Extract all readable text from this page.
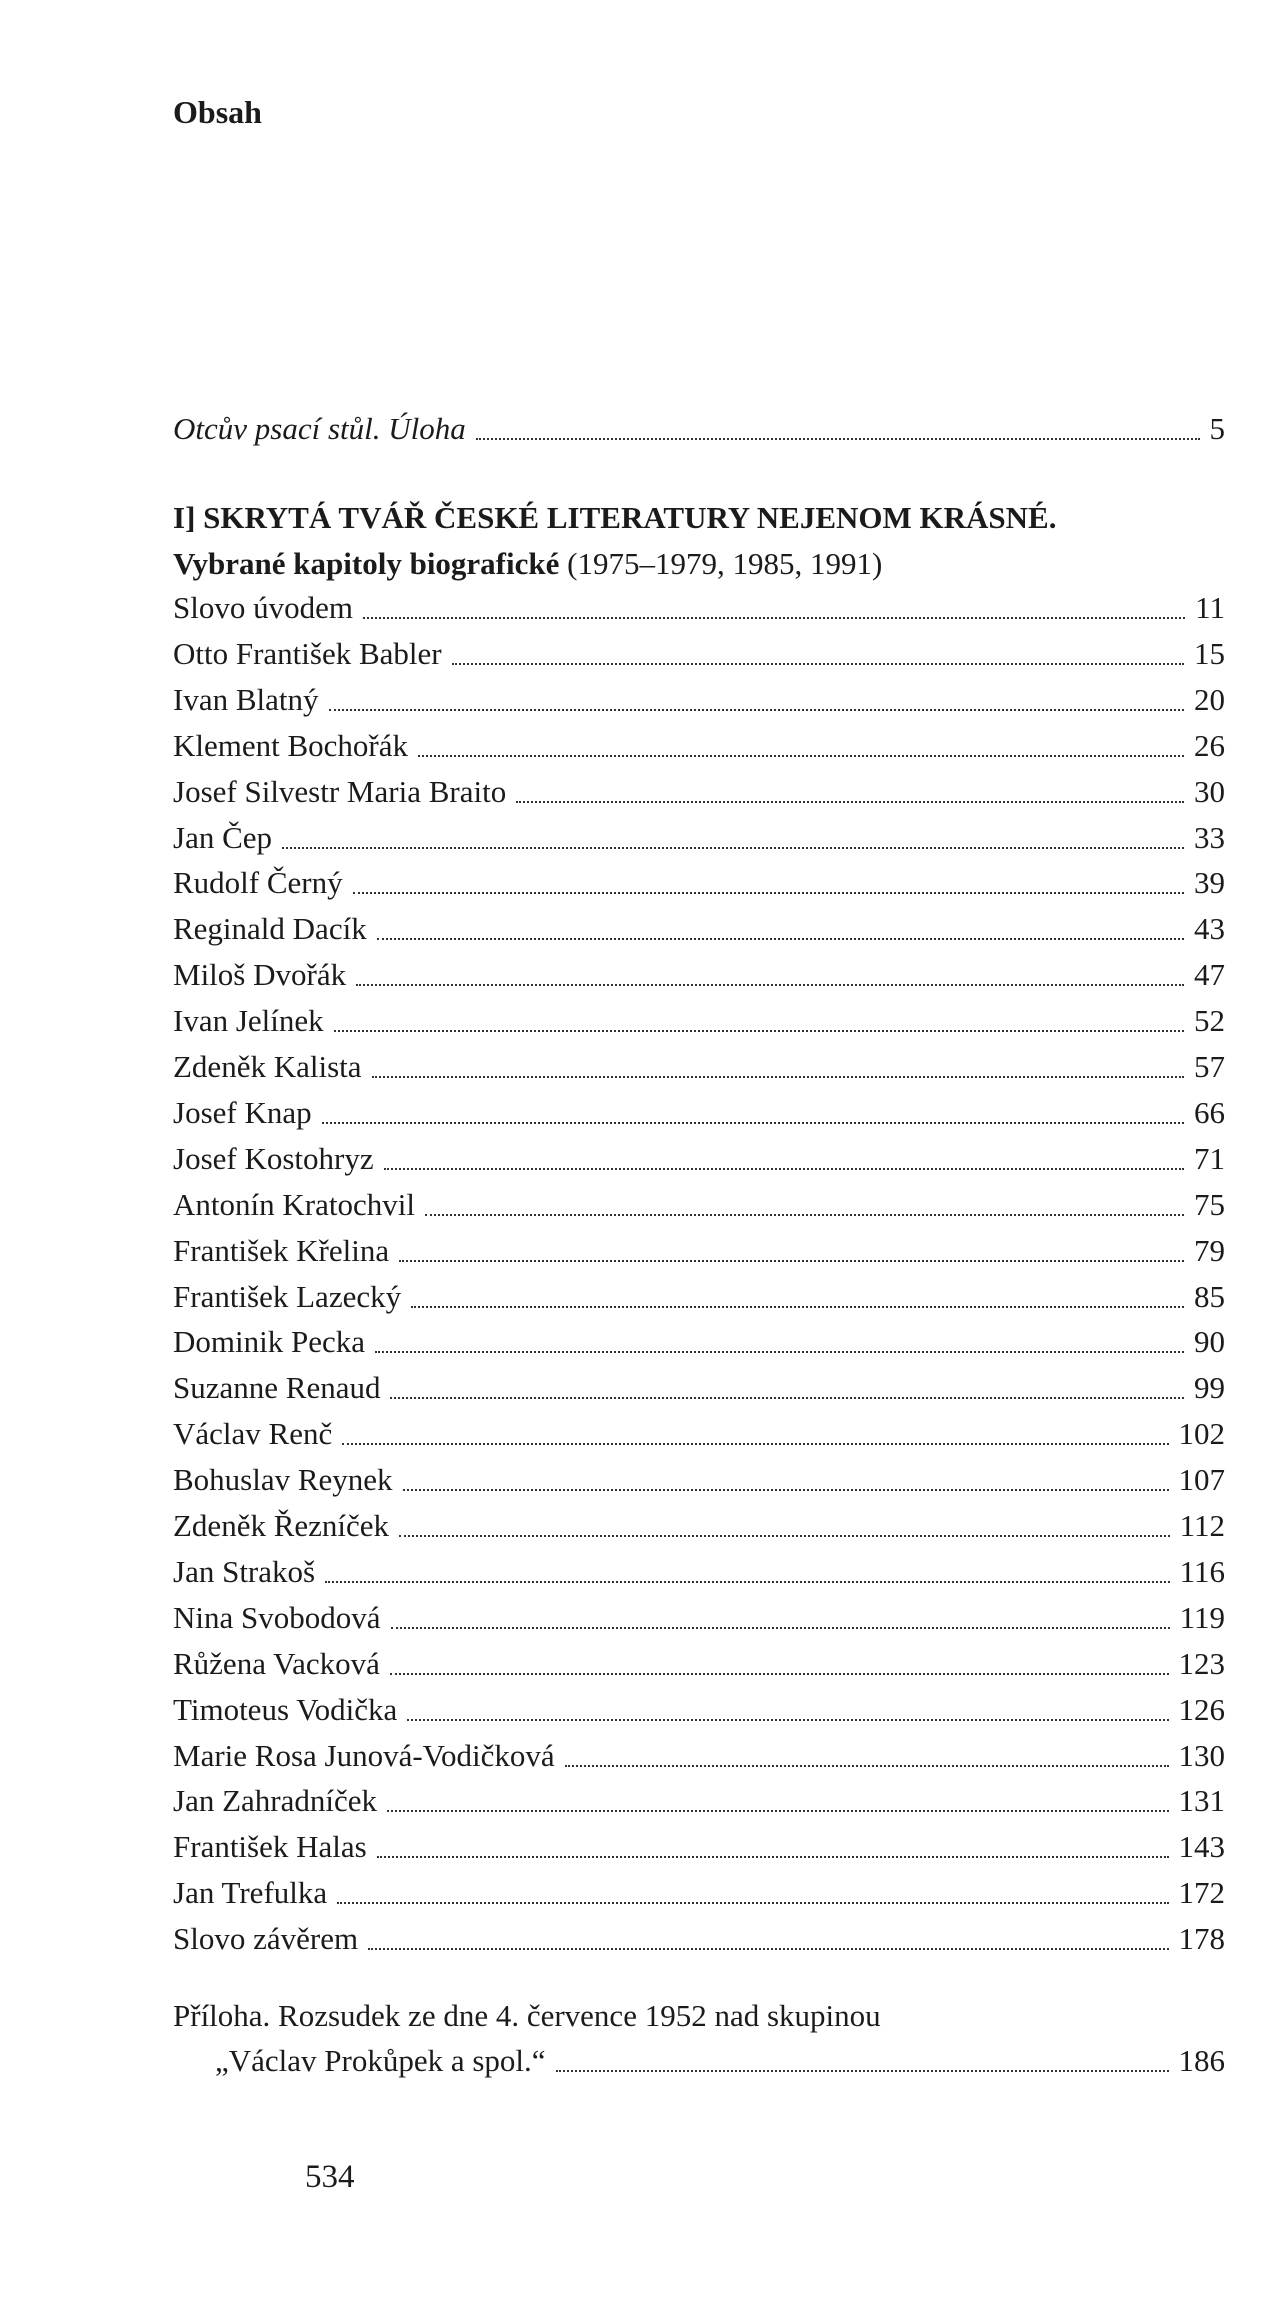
Obsah
Otcův psací stůl. Úloha	5
I] SKRYTÁ TVÁŘ ČESKÉ LITERATURY NEJENOM KRÁSNÉ.
Vybrané kapitoly biografické (1975–1979, 1985, 1991)
Slovo úvodem	11
Otto František Babler	15
Ivan Blatný	20
Klement Bochořák	26
Josef Silvestr Maria Braito	30
Jan Čep	33
Rudolf Černý	39
Reginald Dacík	43
Miloš Dvořák	47
Ivan Jelínek	52
Zdeněk Kalista	57
Josef Knap	66
Josef Kostohryz	71
Antonín Kratochvil	75
František Křelina	79
František Lazecký	85
Dominik Pecka	90
Suzanne Renaud	99
Václav Renč	102
Bohuslav Reynek	107
Zdeněk Řezníček	112
Jan Strakoš	116
Nina Svobodová	119
Růžena Vacková	123
Timoteus Vodička	126
Marie Rosa Junová-Vodičková	130
Jan Zahradníček	131
František Halas	143
Jan Trefulka	172
Slovo závěrem	178
Příloha. Rozsudek ze dne 4. července 1952 nad skupinou
„Václav Prokůpek a spol.“	186
534
